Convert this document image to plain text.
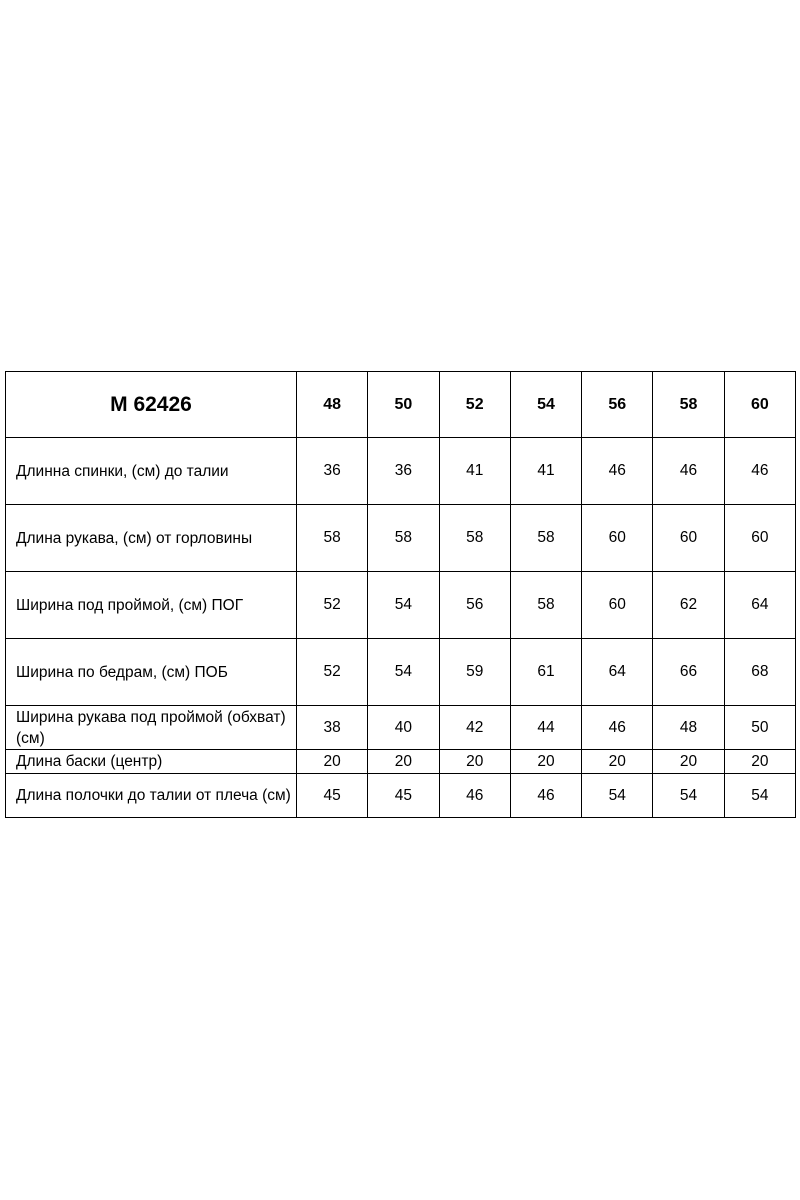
M 62426	48	50	52	54	56	58	60
Длинна спинки, (см) до талии	36	36	41	41	46	46	46
Длина рукава, (см) от горловины	58	58	58	58	60	60	60
Ширина под проймой, (см) ПОГ	52	54	56	58	60	62	64
Ширина по бедрам, (см) ПОБ	52	54	59	61	64	66	68
Ширина рукава под проймой (обхват) (см)	38	40	42	44	46	48	50
Длина баски (центр)	20	20	20	20	20	20	20
Длина полочки до талии от плеча (см)	45	45	46	46	54	54	54
